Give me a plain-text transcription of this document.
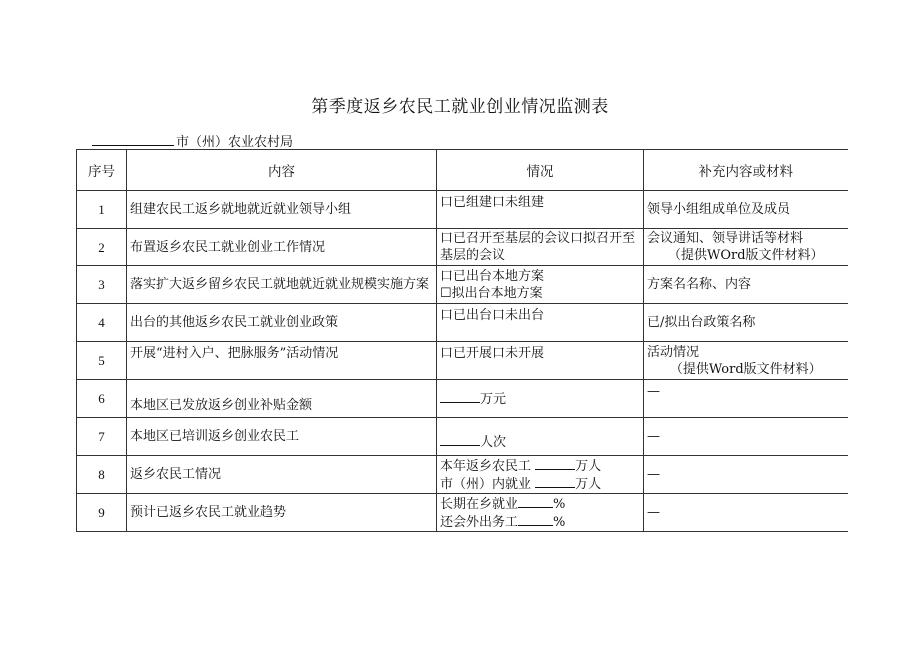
第季度返乡农民工就业创业情况监测表
市（州）农业农村局
序号	内容	情况	补充内容或材料
1	组建农民工返乡就地就近就业领导小组	口已组建口未组建	领导小组组成单位及成员
2	布置返乡农民工就业创业工作情况	口已召开至基层的会议口拟召开至基层的会议	会议通知、领导讲话等材料

（提供WOrd版文件材料）

3	落实扩大返乡留乡农民工就地就近就业规模实施方案	口已出台本地方案
☐拟出台本地方案	方案名名称、内容
4	出台的其他返乡农民工就业创业政策	口已出台口未出台	已/拟出台政策名称
5	开展“进村入户、把脉服务”活动情况	口已开展口未开展	活动情况

（提供Word版文件材料）

6	本地区已发放返乡创业补贴金额	万元	—
7	本地区已培训返乡创业农民工	人次	—
8	返乡农民工情况	本年返乡农民工 万人
市（州）内就业 万人	—
9	预计已返乡农民工就业趋势	长期在乡就业 %
还会外出务工 %	—
